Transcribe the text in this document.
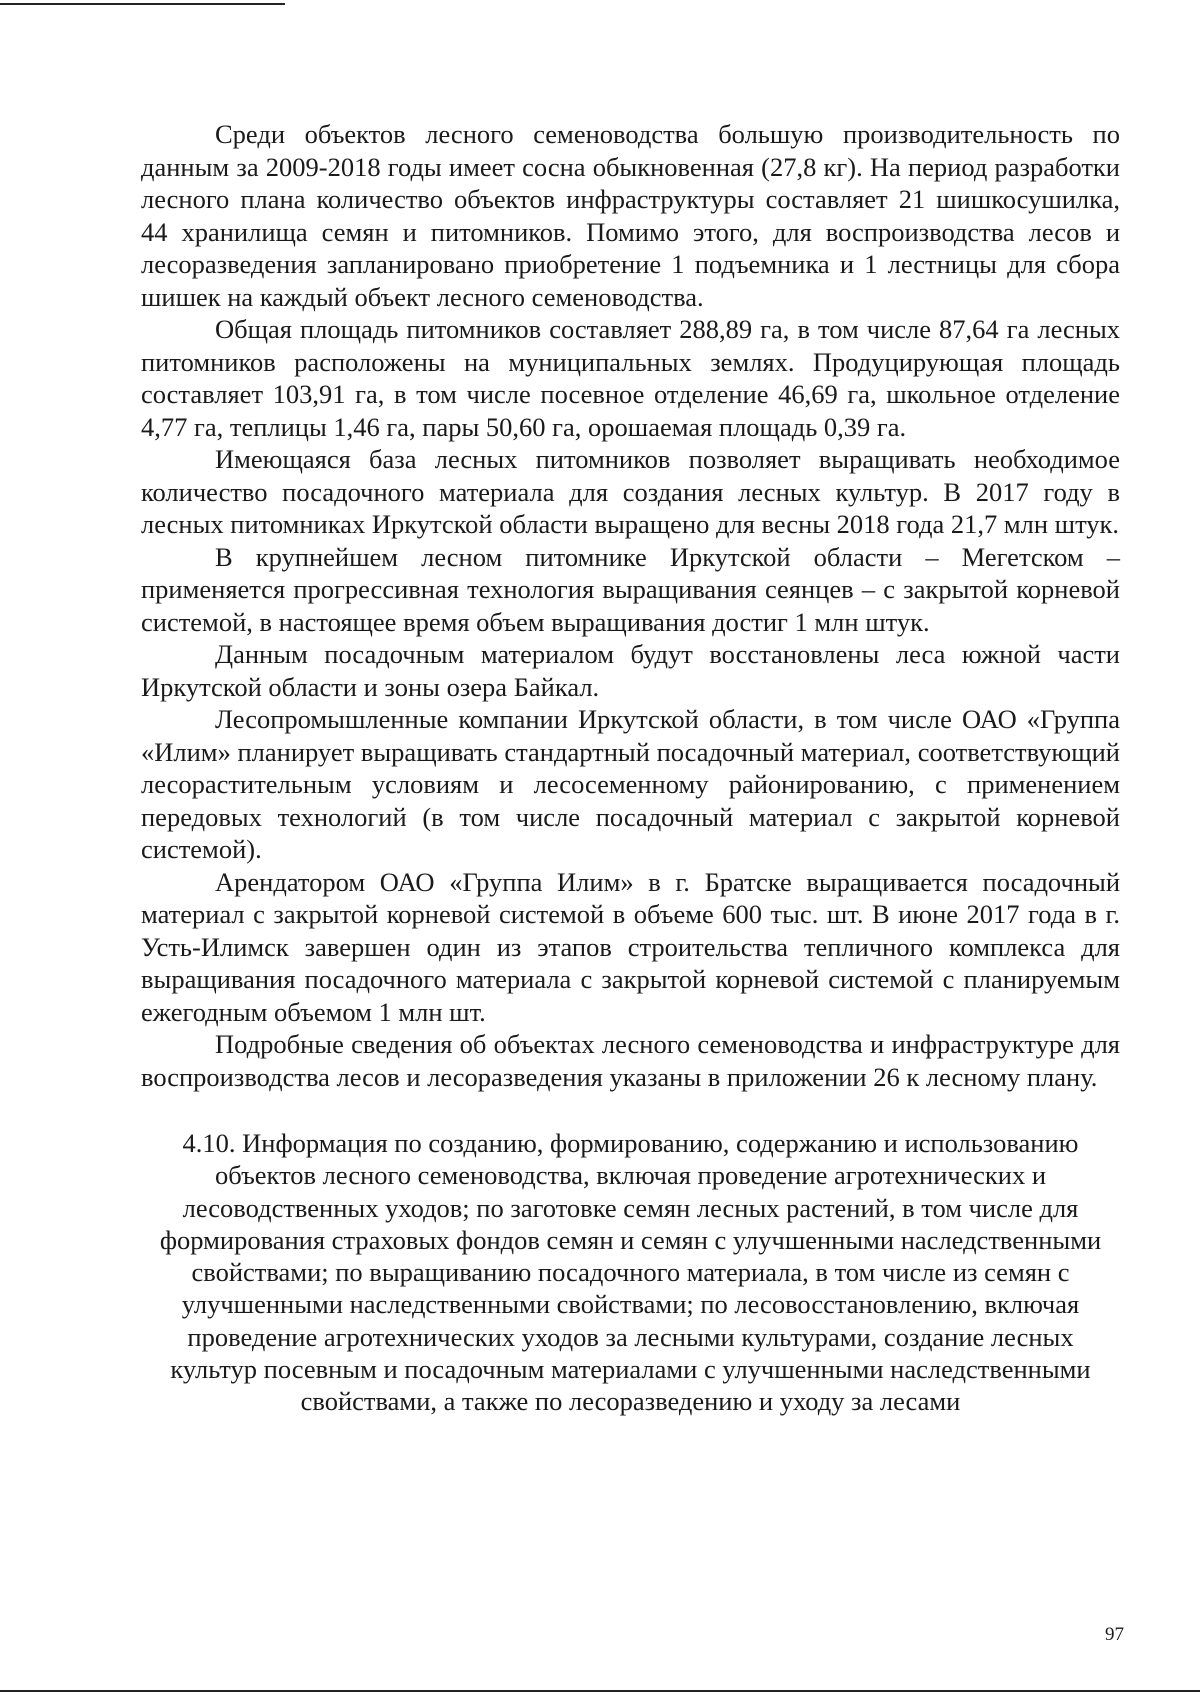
Среди объектов лесного семеноводства большую производительность по данным за 2009-2018 годы имеет сосна обыкновенная (27,8 кг). На период разработки лесного плана количество объектов инфраструктуры составляет 21 шишкосушилка, 44 хранилища семян и питомников. Помимо этого, для воспроизводства лесов и лесоразведения запланировано приобретение 1 подъемника и 1 лестницы для сбора шишек на каждый объект лесного семеноводства.

Общая площадь питомников составляет 288,89 га, в том числе 87,64 га лесных питомников расположены на муниципальных землях. Продуцирующая площадь составляет 103,91 га, в том числе посевное отделение 46,69 га, школьное отделение 4,77 га, теплицы 1,46 га, пары 50,60 га, орошаемая площадь 0,39 га.

Имеющаяся база лесных питомников позволяет выращивать необходимое количество посадочного материала для создания лесных культур. В 2017 году в лесных питомниках Иркутской области выращено для весны 2018 года 21,7 млн штук.

В крупнейшем лесном питомнике Иркутской области – Мегетском – применяется прогрессивная технология выращивания сеянцев – с закрытой корневой системой, в настоящее время объем выращивания достиг 1 млн штук.

Данным посадочным материалом будут восстановлены леса южной части Иркутской области и зоны озера Байкал.

Лесопромышленные компании Иркутской области, в том числе ОАО «Группа «Илим» планирует выращивать стандартный посадочный материал, соответствующий лесорастительным условиям и лесосеменному районированию, с применением передовых технологий (в том числе посадочный материал с закрытой корневой системой).

Арендатором ОАО «Группа Илим» в г. Братске выращивается посадочный материал с закрытой корневой системой в объеме 600 тыс. шт. В июне 2017 года в г. Усть-Илимск завершен один из этапов строительства тепличного комплекса для выращивания посадочного материала с закрытой корневой системой с планируемым ежегодным объемом 1 млн шт.

Подробные сведения об объектах лесного семеноводства и инфраструктуре для воспроизводства лесов и лесоразведения указаны в приложении 26 к лесному плану.

4.10. Информация по созданию, формированию, содержанию и использованию объектов лесного семеноводства, включая проведение агротехнических и лесоводственных уходов; по заготовке семян лесных растений, в том числе для формирования страховых фондов семян и семян с улучшенными наследственными свойствами; по выращиванию посадочного материала, в том числе из семян с улучшенными наследственными свойствами; по лесовосстановлению, включая проведение агротехнических уходов за лесными культурами, создание лесных культур посевным и посадочным материалами с улучшенными наследственными свойствами, а также по лесоразведению и уходу за лесами

97
